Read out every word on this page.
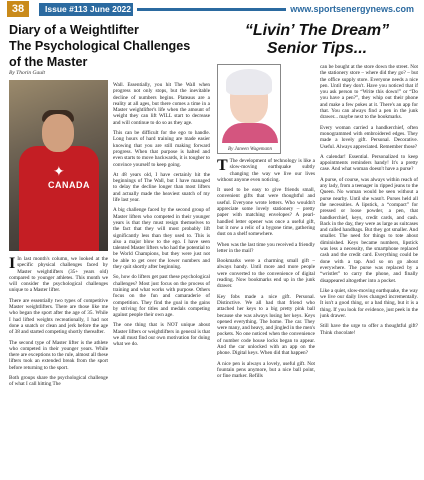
38	Issue #113 June 2022	www.sportsenergynews.com
Diary of a Weightlifter
The Psychological Challenges
of the Master
By Thorin Gault
✦
CANADA

I In last month's column, we looked at the specific physical challenges faced by Master weightlifters (35+ years old) compared to younger athletes. This month we will consider the psychological challenges unique to a Master lifter.

There are essentially two types of competitive Master weightlifters. There are those like me who began the sport after the age of 35. While I had lifted weights recreationally, I had not done a snatch or clean and jerk before the age of 38 and started competing shortly thereafter.

The second type of Master lifter is the athlete who competed in their younger years. While there are exceptions to the rule, almost all these lifters took an extended break from the sport before returning to the sport.

Both groups share the psychological challenge of what I call hitting The

Wall. Essentially, you hit The Wall when progress not only stops, but the inevitable decline of numbers begins. Plateaus are a reality at all ages, but there comes a time in a Master weightlifter's life when the amount of weight they can lift WILL start to decrease and will continue to do so as they age.

This can be difficult for the ego to handle. Long hours of hard training are made easier knowing that you are still making forward progress. When that purpose is halted and even starts to move backwards, it is tougher to convince yourself to keep going.

At 48 years old, I have certainly hit the beginnings of The Wall, but I have managed to delay the decline longer than most lifters and actually made the heaviest snatch of my life last year.

A big challenge faced by the second group of Master lifters who competed in their younger years is that they must resign themselves to the fact that they will most probably lift significantly less than they used to. This is also a major blow to the ego. I have seen talented Master lifters who had the potential to be World Champions, but they were just not be able to get over the lower numbers and they quit shortly after beginning.

So, how do lifters get past these psychological challenges? Most just focus on the process of training and what works with purpose. Others focus on the fun and camaraderie of competition. They find the goal in the gains by striving for titles and medals competing against people their own age.

The one thing that is NOT unique about Master lifters or weightlifters in general is that we all must find our own motivation for doing what we do.

“Livin’ The Dream”
Senior Tips...
By Janeen Wagemann

T The development of technology is like a slow-moving earthquake subtly changing the way we live our lives without anyone even noticing.

It used to be easy to give friends small, convenient gifts that were thoughtful and useful. Everyone wrote letters. Who wouldn't appreciate some lovely stationery – pretty paper with matching envelopes? A pearl-handled letter opener was once a useful gift, but it now a relic of a bygone time, gathering dust on a shelf somewhere.

When was the last time you received a friendly letter in the mail?

Bookmarks were a charming small gift – always handy. Until more and more people were converted to the convenience of digital reading. Now bookmarks end up in the junk drawer.

Key fobs made a nice gift. Personal. Distinctive. We all had that friend who attached her keys to a big pretty pink ball because she was always losing her keys. Keys opened everything. The home. The car. They were many, and heavy, and jingled in the men's pockets. No one noticed when the convenience of number code house locks began to appear. And the car unlocked with an app on the phone. Digital keys. When did that happen?

A nice pen is always a lovely, useful gift. Not fountain pens anymore, but a nice ball point, or fine marker. Refills

can be bought at the store down the street. Not the stationery store – where did they go? – but the office supply store. Everyone needs a nice pen. Until they don't. Have you noticed that if you ask person to “Write this down!” or “Do you have a pen?”, they whip out their phone and make a few pokes at it. There's an app for that. You can always find a pen in the junk drawer... maybe next to the bookmarks.

Every woman carried a handkerchief, often monogrammed with embroidered edges. They made a lovely gift. Personal. Decorative. Useful. Always appreciated. Remember those?

A calendar! Essential. Personalized to keep appointments reminders handy! It's a pretty case. And what woman doesn't have a purse?

A purse, of course, was always within reach of any lady, from a teenager in ripped jeans to the Queen. No woman would be seen without a purse nearby. Until she wasn't. Purses held all the necessities. A lipstick, a “compact” for pressed or loose powder, a pen, that handkerchief, keys, credit cards, and cash. Back in the day, they were as large as suitcases and called handbags. But they got smaller. And smaller. The need for things to tote about diminished. Keys became numbers, lipstick was less a necessity, the smartphone replaced cash and the credit card. Everything could be done with a tap. And so on go about everywhere. The purse was replaced by a “wristlet” to carry the phone, and finally disappeared altogether into a pocket.

Like a quiet, slow-moving earthquake, the way we live our daily lives changed incrementally. It isn't a good thing, or a bad thing, but it is a thing. If you look for evidence, just peek in the junk drawer.

Still have the urge to offer a thoughtful gift? Think chocolate!
